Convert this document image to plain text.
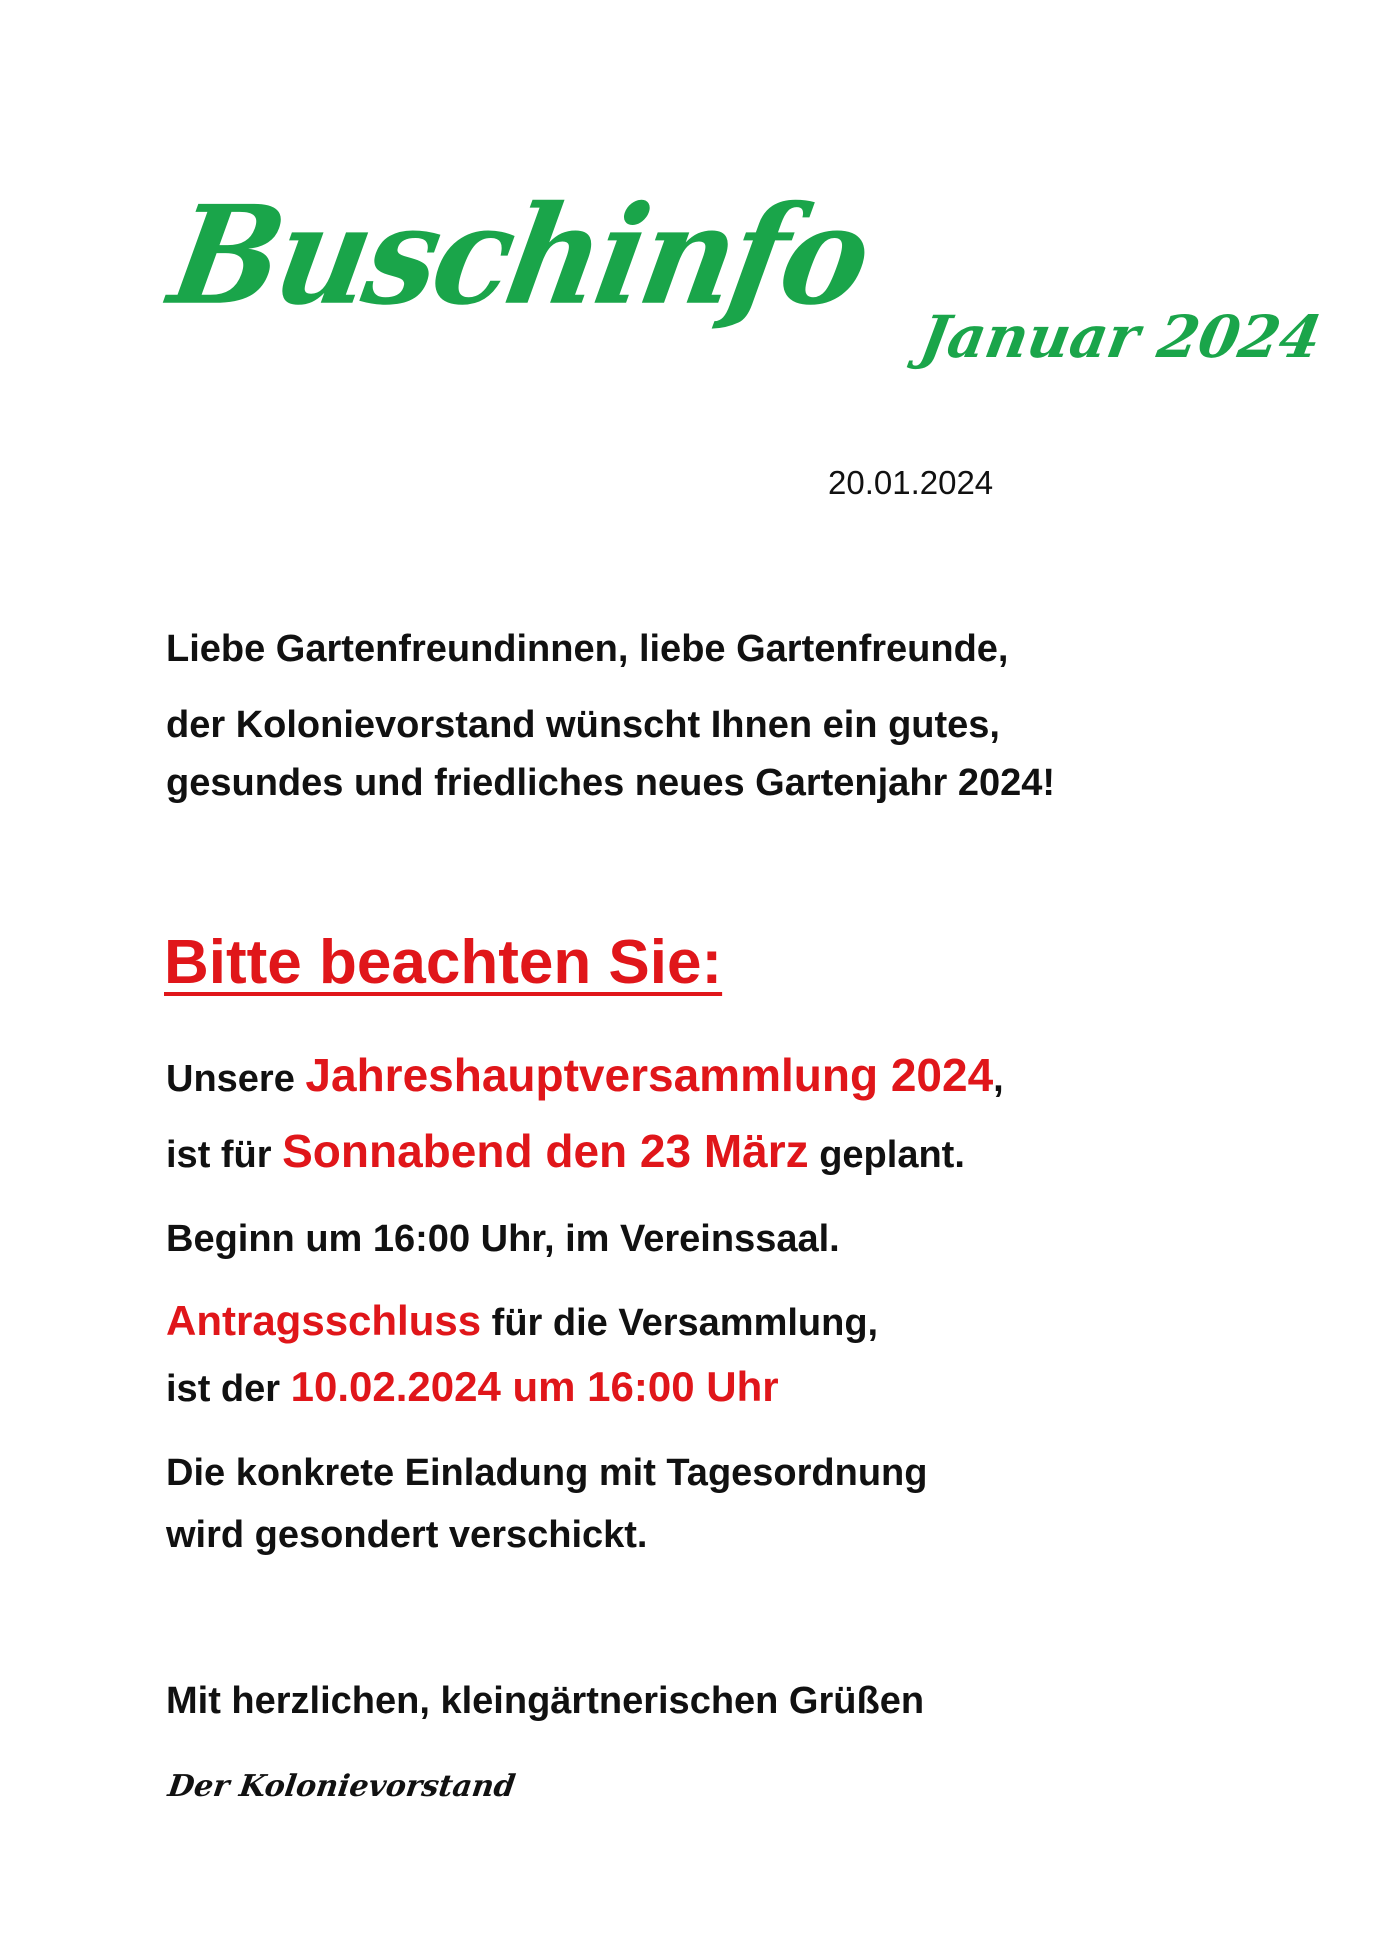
Buschinfo
Januar 2024
20.01.2024
Liebe Gartenfreundinnen, liebe Gartenfreunde,
der Kolonievorstand wünscht Ihnen ein gutes,
gesundes und friedliches neues Gartenjahr 2024!
Bitte beachten Sie:
Unsere Jahreshauptversammlung 2024,
ist für Sonnabend den 23 März geplant.
Beginn um 16:00 Uhr, im Vereinssaal.
Antragsschluss für die Versammlung,
ist der 10.02.2024 um 16:00 Uhr
Die konkrete Einladung mit Tagesordnung
wird gesondert verschickt.
Mit herzlichen, kleingärtnerischen Grüßen
Der Kolonievorstand
